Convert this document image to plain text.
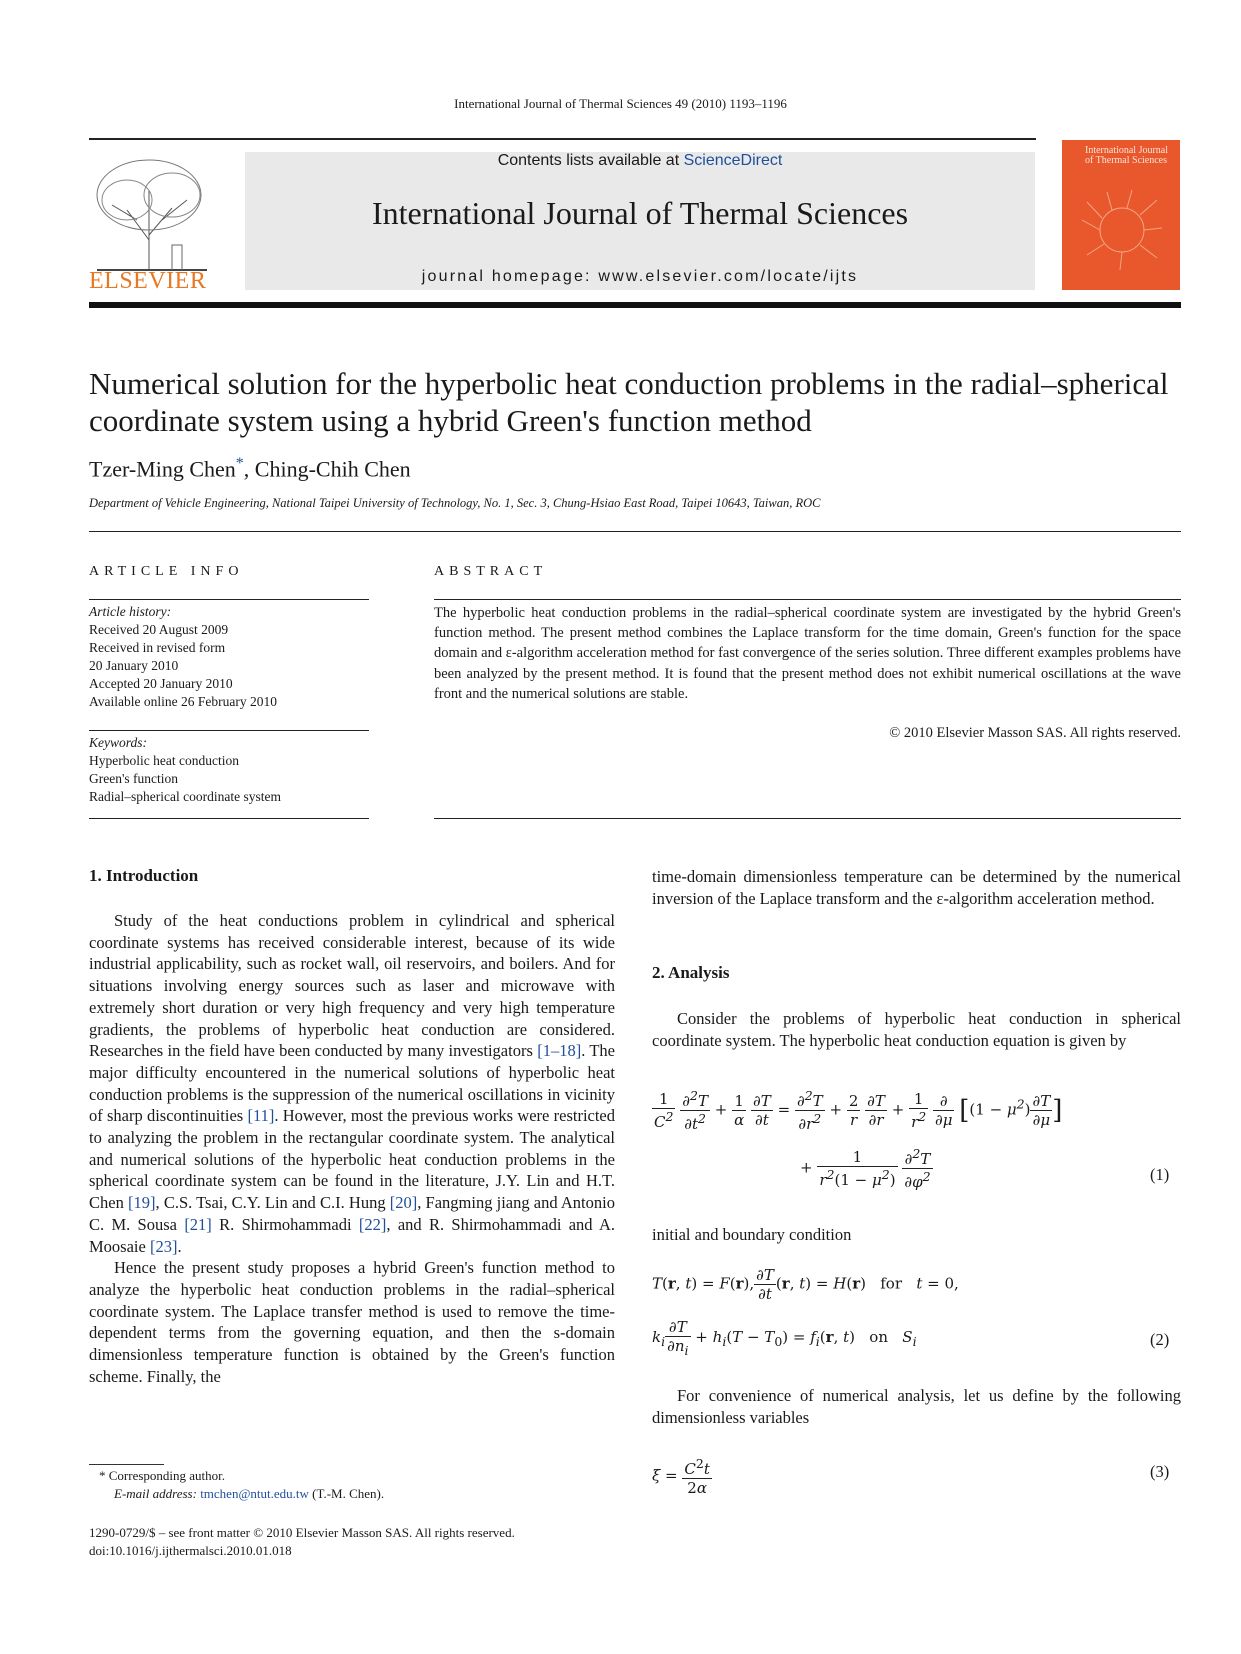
International Journal of Thermal Sciences 49 (2010) 1193–1196
ELSEVIER
Contents lists available at ScienceDirect
International Journal of Thermal Sciences
journal homepage: www.elsevier.com/locate/ijts
International Journal of Thermal Sciences
Numerical solution for the hyperbolic heat conduction problems in the radial–spherical coordinate system using a hybrid Green's function method
Tzer-Ming Chen*, Ching-Chih Chen
Department of Vehicle Engineering, National Taipei University of Technology, No. 1, Sec. 3, Chung-Hsiao East Road, Taipei 10643, Taiwan, ROC
ARTICLE INFO
Article history:
Received 20 August 2009
Received in revised form
20 January 2010
Accepted 20 January 2010
Available online 26 February 2010
Keywords:
Hyperbolic heat conduction
Green's function
Radial–spherical coordinate system
ABSTRACT
The hyperbolic heat conduction problems in the radial–spherical coordinate system are investigated by the hybrid Green's function method. The present method combines the Laplace transform for the time domain, Green's function for the space domain and ε-algorithm acceleration method for fast convergence of the series solution. Three different examples problems have been analyzed by the present method. It is found that the present method does not exhibit numerical oscillations at the wave front and the numerical solutions are stable.
© 2010 Elsevier Masson SAS. All rights reserved.
1. Introduction

Study of the heat conductions problem in cylindrical and spherical coordinate systems has received considerable interest, because of its wide industrial applicability, such as rocket wall, oil reservoirs, and boilers. And for situations involving energy sources such as laser and microwave with extremely short duration or very high frequency and very high temperature gradients, the problems of hyperbolic heat conduction are considered. Researches in the field have been conducted by many investigators [1–18]. The major difficulty encountered in the numerical solutions of hyperbolic heat conduction problems is the suppression of the numerical oscillations in vicinity of sharp discontinuities [11]. However, most the previous works were restricted to analyzing the problem in the rectangular coordinate system. The analytical and numerical solutions of the hyperbolic heat conduction problems in the spherical coordinate system can be found in the literature, J.Y. Lin and H.T. Chen [19], C.S. Tsai, C.Y. Lin and C.I. Hung [20], Fangming jiang and Antonio C. M. Sousa [21] R. Shirmohammadi [22], and R. Shirmohammadi and A. Moosaie [23].

Hence the present study proposes a hybrid Green's function method to analyze the hyperbolic heat conduction problems in the radial–spherical coordinate system. The Laplace transfer method is used to remove the time-dependent terms from the governing equation, and then the s-domain dimensionless temperature function is obtained by the Green's function scheme. Finally, the

* Corresponding author.
E-mail address: tmchen@ntut.edu.tw (T.-M. Chen).
1290-0729/$ – see front matter © 2010 Elsevier Masson SAS. All rights reserved.
doi:10.1016/j.ijthermalsci.2010.01.018
time-domain dimensionless temperature can be determined by the numerical inversion of the Laplace transform and the ε-algorithm acceleration method.
2. Analysis
Consider the problems of hyperbolic heat conduction in spherical coordinate system. The hyperbolic heat conduction equation is given by
$\frac{1}{C^2}$
$\frac{\partial^2T}{\partial t^2} + \frac{1}{\alpha}$
$\frac{\partial T}{\partial t} = \frac{\partial^2T}{\partial r^2} + \frac{2}{r}$
$\frac{\partial T}{\partial r} + \frac{1}{r^2}$
$\frac{\partial}{\partial\mu} [(1 - \mu^2) \frac{\partial T}{\partial\mu}$ ]
+ $\frac{1}{r^2(1 - \mu^2)}$
$\frac{\partial^2T}{\partial\varphi^2}$	(1)
initial and boundary condition
T(r, t) = F(r), $\frac{\partial T}{\partial t} (r$, t) = H(r)   for   t = 0,
$k_i \frac{\partial T}{\partial n_i} + h_i(T - T_0) = f_i(r$, t)   on   $S_i$	(2)
For convenience of numerical analysis, let us define by the following dimensionless variables
$\xi = \frac{C^2t}{2\alpha}$	(3)
